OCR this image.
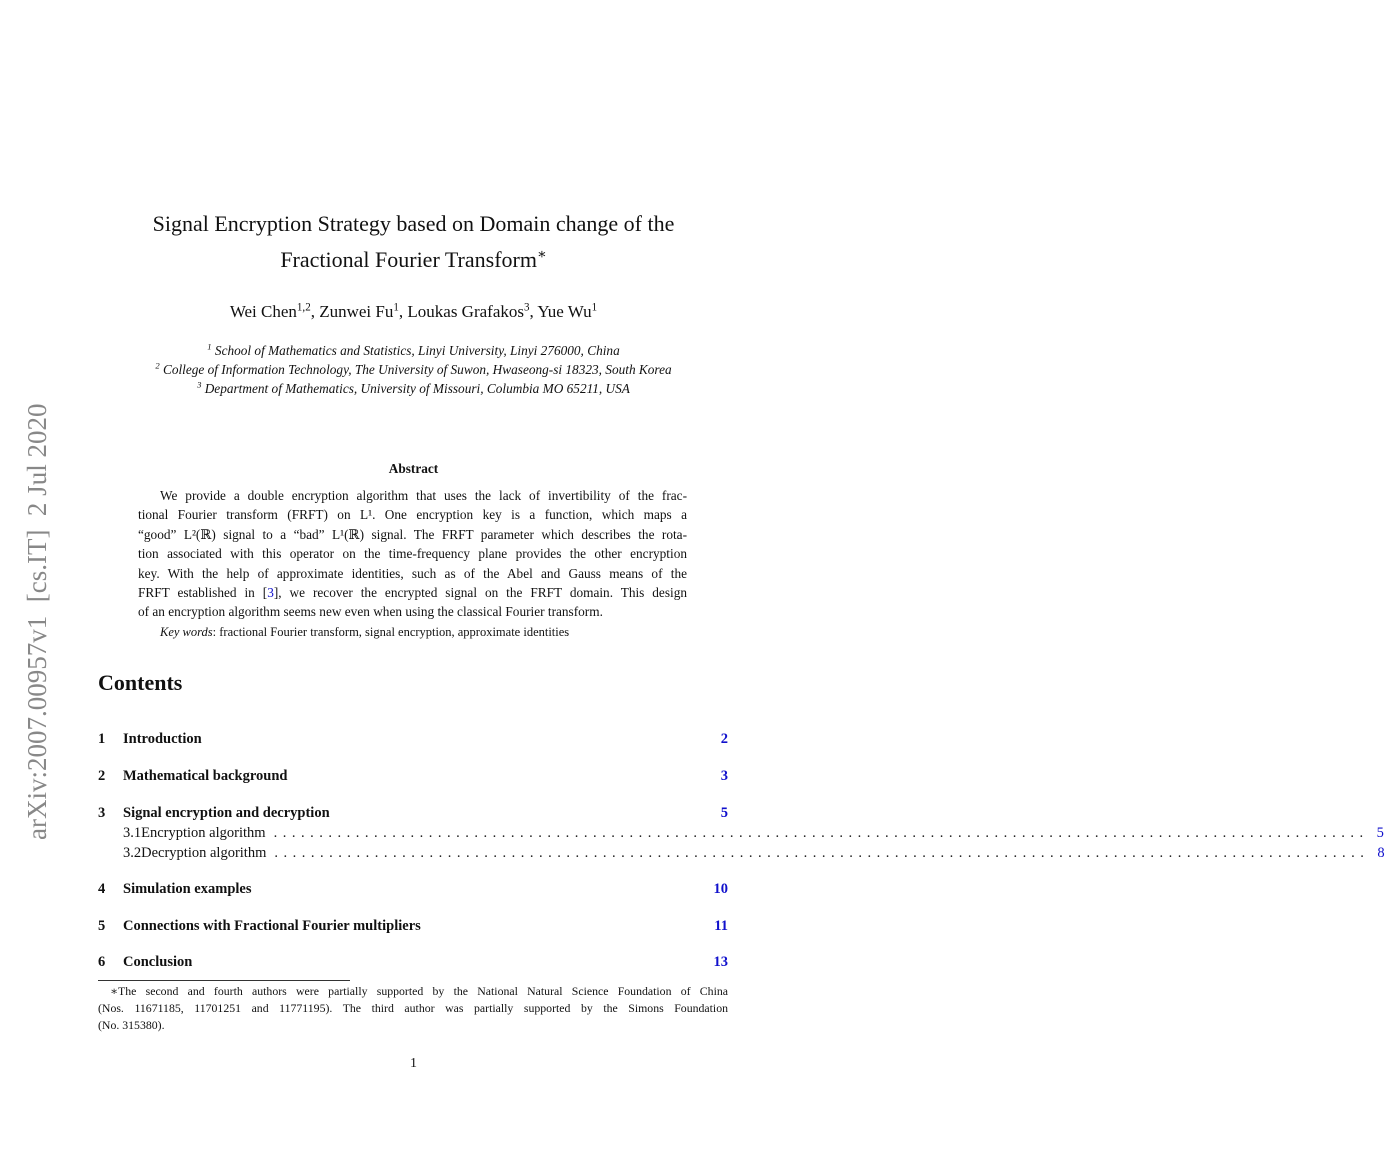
arXiv:2007.00957v1  [cs.IT]  2 Jul 2020
Signal Encryption Strategy based on Domain change of the
Fractional Fourier Transform∗
Wei Chen$^{1,2}$, Zunwei Fu$^1$, Loukas Grafakos$^3$, Yue Wu$^1$
$^1$ School of Mathematics and Statistics, Linyi University, Linyi 276000, China
$^2$ College of Information Technology, The University of Suwon, Hwaseong-si 18323, South Korea
$^3$ Department of Mathematics, University of Missouri, Columbia MO 65211, USA
Abstract
We provide a double encryption algorithm that uses the lack of invertibility of the frac-
tional Fourier transform (FRFT) on L¹. One encryption key is a function, which maps a
“good” L²(ℝ) signal to a “bad” L¹(ℝ) signal. The FRFT parameter which describes the rota-
tion associated with this operator on the time-frequency plane provides the other encryption
key. With the help of approximate identities, such as of the Abel and Gauss means of the
FRFT established in [3], we recover the encrypted signal on the FRFT domain. This design
of an encryption algorithm seems new even when using the classical Fourier transform.
Key words: fractional Fourier transform, signal encryption, approximate identities
Contents
1	Introduction	2
2	Mathematical background	3
3	Signal encryption and decryption	5
3.1 Encryption algorithm ........................................................................................................................ 5
3.2 Decryption algorithm ........................................................................................................................ 8
4	Simulation examples	10
5	Connections with Fractional Fourier multipliers	11
6	Conclusion	13
∗The second and fourth authors were partially supported by the National Natural Science Foundation of China
(Nos. 11671185, 11701251 and 11771195). The third author was partially supported by the Simons Foundation
(No. 315380).
1
